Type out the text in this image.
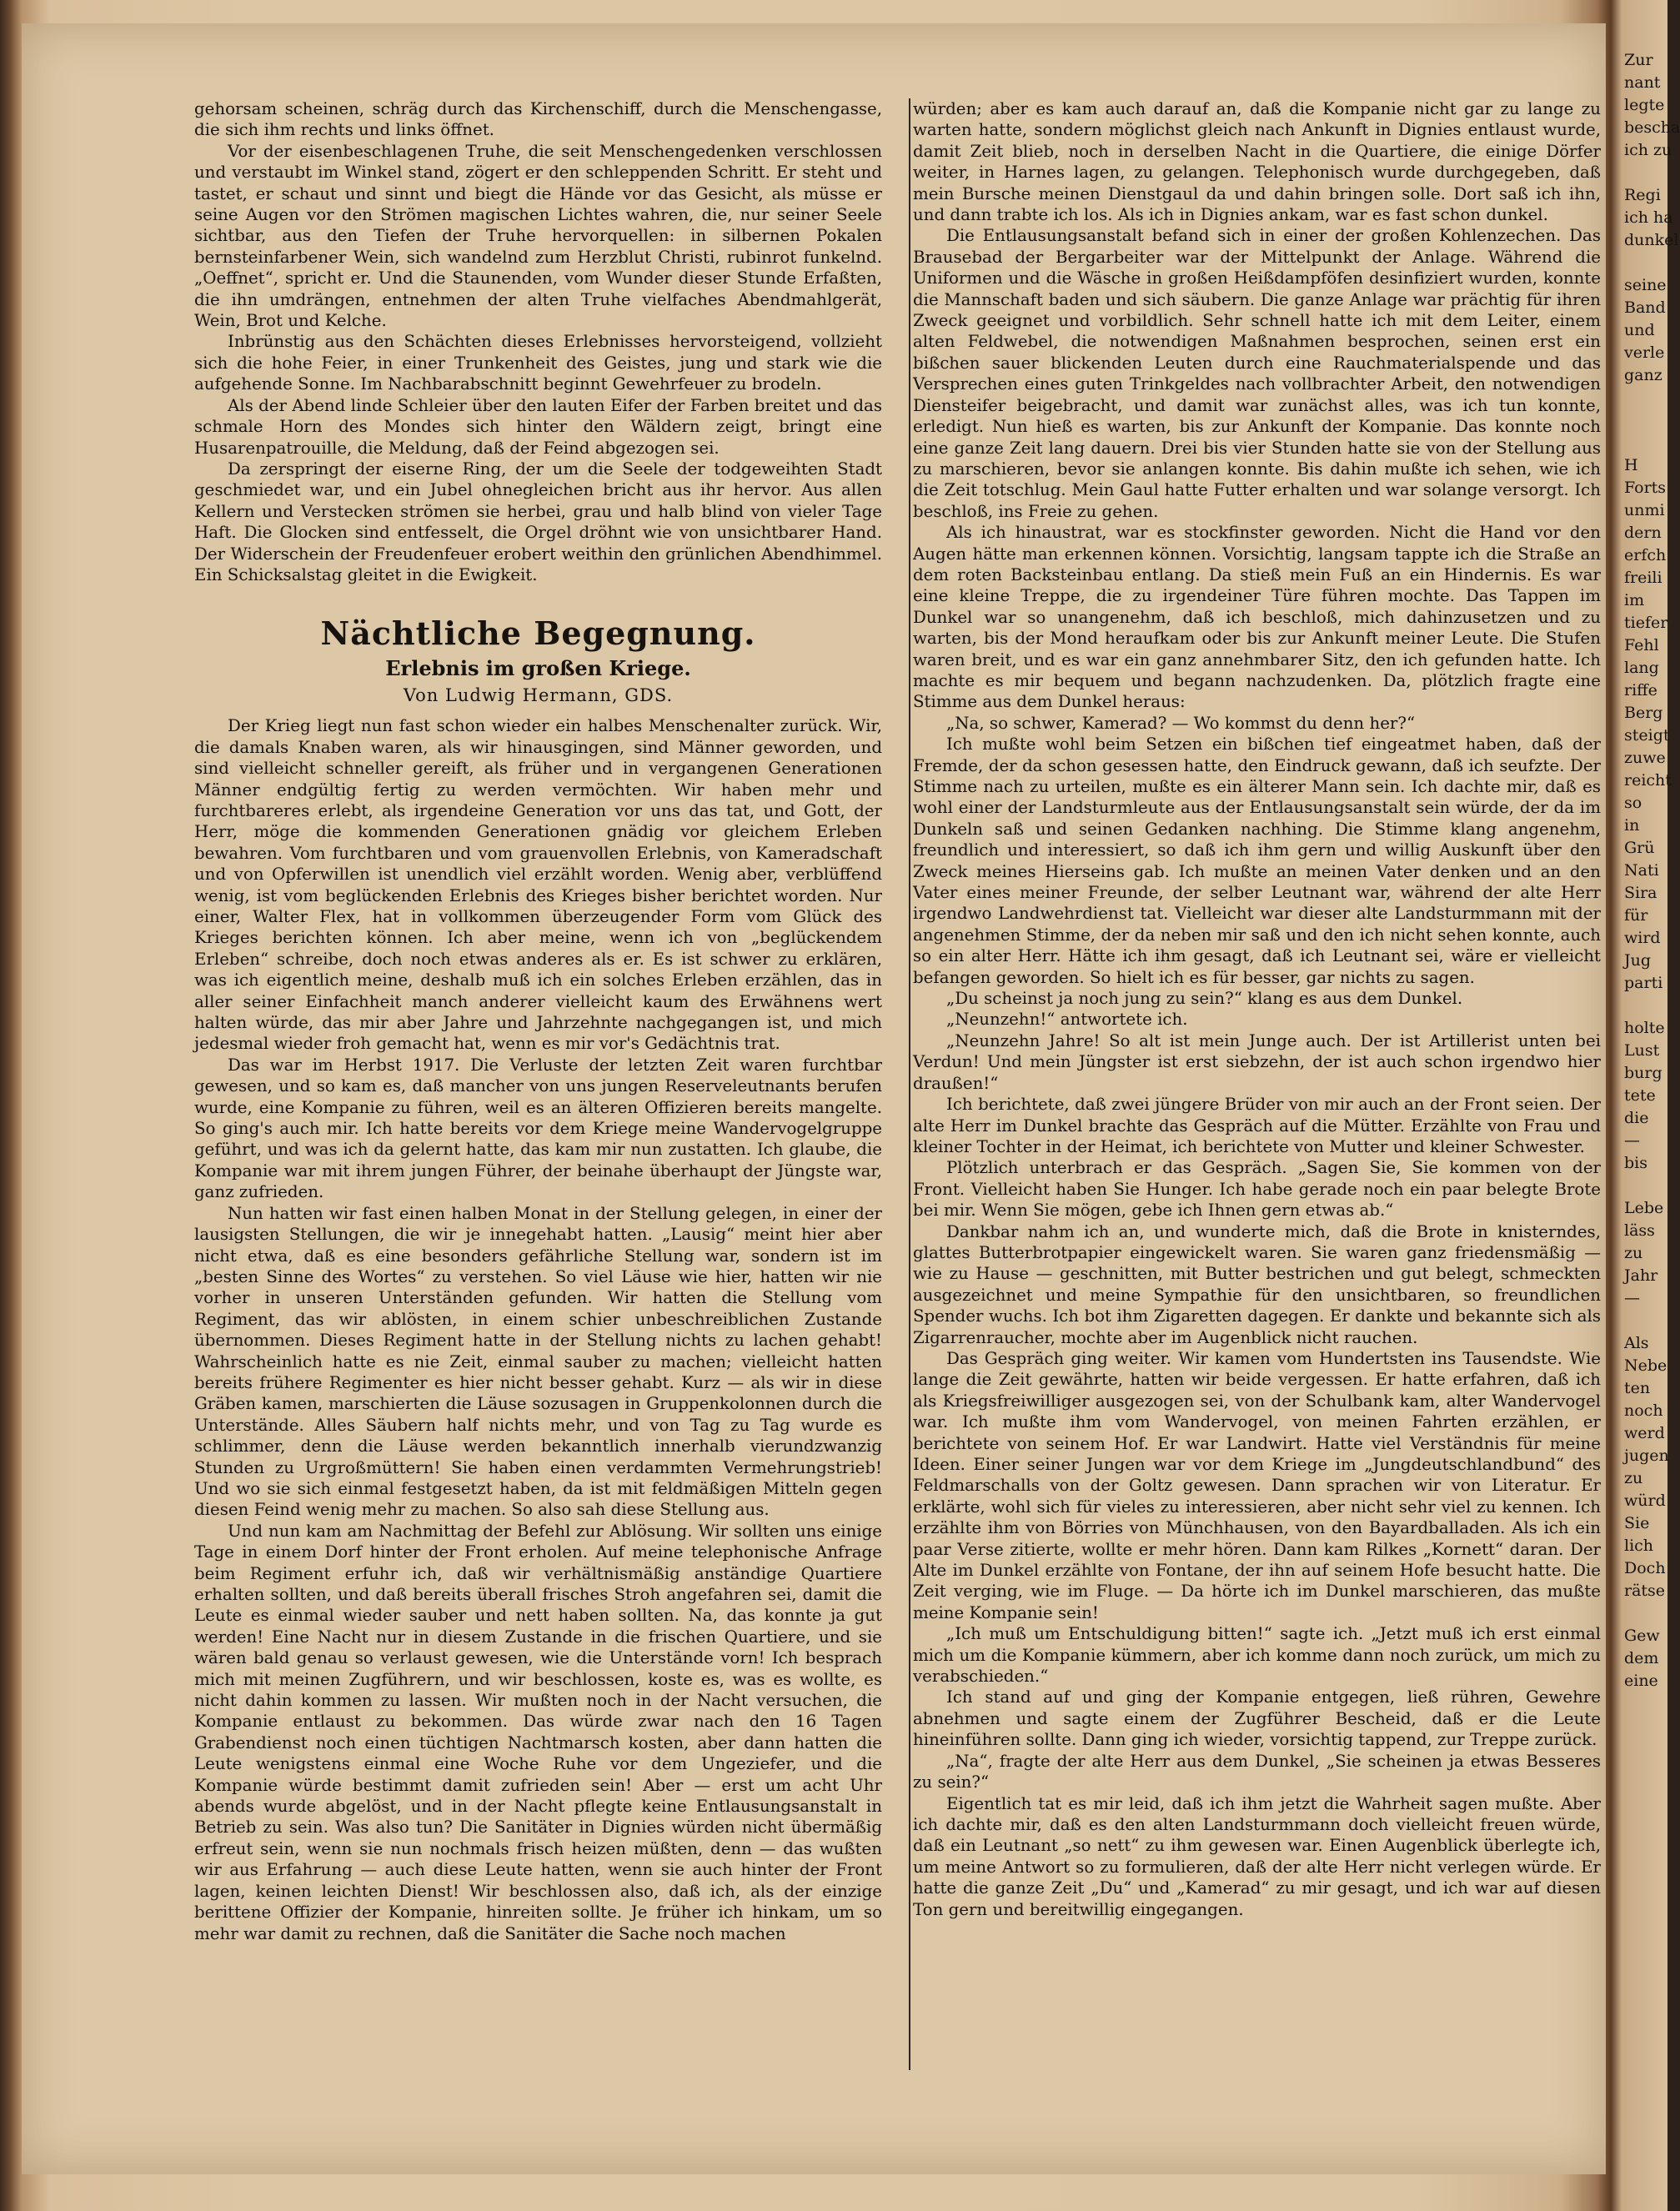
gehorsam scheinen, schräg durch das Kirchenschiff, durch die Menschengasse, die sich ihm rechts und links öffnet.

Vor der eisenbeschlagenen Truhe, die seit Menschengedenken verschlossen und verstaubt im Winkel stand, zögert er den schleppenden Schritt. Er steht und tastet, er schaut und sinnt und biegt die Hände vor das Gesicht, als müsse er seine Augen vor den Strömen magischen Lichtes wahren, die, nur seiner Seele sichtbar, aus den Tiefen der Truhe hervorquellen: in silbernen Pokalen bernsteinfarbener Wein, sich wandelnd zum Herzblut Christi, rubinrot funkelnd. „Oeffnet“, spricht er. Und die Staunenden, vom Wunder dieser Stunde Erfaßten, die ihn umdrängen, entnehmen der alten Truhe vielfaches Abendmahlgerät, Wein, Brot und Kelche.

Inbrünstig aus den Schächten dieses Erlebnisses hervorsteigend, vollzieht sich die hohe Feier, in einer Trunkenheit des Geistes, jung und stark wie die aufgehende Sonne. Im Nachbarabschnitt beginnt Gewehrfeuer zu brodeln.

Als der Abend linde Schleier über den lauten Eifer der Farben breitet und das schmale Horn des Mondes sich hinter den Wäldern zeigt, bringt eine Husarenpatrouille, die Meldung, daß der Feind abgezogen sei.

Da zerspringt der eiserne Ring, der um die Seele der todgeweihten Stadt geschmiedet war, und ein Jubel ohnegleichen bricht aus ihr hervor. Aus allen Kellern und Verstecken strömen sie herbei, grau und halb blind von vieler Tage Haft. Die Glocken sind entfesselt, die Orgel dröhnt wie von unsichtbarer Hand. Der Widerschein der Freudenfeuer erobert weithin den grünlichen Abendhimmel. Ein Schicksalstag gleitet in die Ewigkeit.

Nächtliche Begegnung.
Erlebnis im großen Kriege.
Von Ludwig Hermann, GDS.

Der Krieg liegt nun fast schon wieder ein halbes Menschenalter zurück. Wir, die damals Knaben waren, als wir hinausgingen, sind Männer geworden, und sind vielleicht schneller gereift, als früher und in vergangenen Generationen Männer endgültig fertig zu werden vermöchten. Wir haben mehr und furchtbareres erlebt, als irgendeine Generation vor uns das tat, und Gott, der Herr, möge die kommenden Generationen gnädig vor gleichem Erleben bewahren. Vom furchtbaren und vom grauenvollen Erlebnis, von Kameradschaft und von Opferwillen ist unendlich viel erzählt worden. Wenig aber, verblüffend wenig, ist vom beglückenden Erlebnis des Krieges bisher berichtet worden. Nur einer, Walter Flex, hat in vollkommen überzeugender Form vom Glück des Krieges berichten können. Ich aber meine, wenn ich von „beglückendem Erleben“ schreibe, doch noch etwas anderes als er. Es ist schwer zu erklären, was ich eigentlich meine, deshalb muß ich ein solches Erleben erzählen, das in aller seiner Einfachheit manch anderer vielleicht kaum des Erwähnens wert halten würde, das mir aber Jahre und Jahrzehnte nachgegangen ist, und mich jedesmal wieder froh gemacht hat, wenn es mir vor's Gedächtnis trat.

Das war im Herbst 1917. Die Verluste der letzten Zeit waren furchtbar gewesen, und so kam es, daß mancher von uns jungen Reserveleutnants berufen wurde, eine Kompanie zu führen, weil es an älteren Offizieren bereits mangelte. So ging's auch mir. Ich hatte bereits vor dem Kriege meine Wandervogelgruppe geführt, und was ich da gelernt hatte, das kam mir nun zustatten. Ich glaube, die Kompanie war mit ihrem jungen Führer, der beinahe überhaupt der Jüngste war, ganz zufrieden.

Nun hatten wir fast einen halben Monat in der Stellung gelegen, in einer der lausigsten Stellungen, die wir je innegehabt hatten. „Lausig“ meint hier aber nicht etwa, daß es eine besonders gefährliche Stellung war, sondern ist im „besten Sinne des Wortes“ zu verstehen. So viel Läuse wie hier, hatten wir nie vorher in unseren Unterständen gefunden. Wir hatten die Stellung vom Regiment, das wir ablösten, in einem schier unbeschreiblichen Zustande übernommen. Dieses Regiment hatte in der Stellung nichts zu lachen gehabt! Wahrscheinlich hatte es nie Zeit, einmal sauber zu machen; vielleicht hatten bereits frühere Regimenter es hier nicht besser gehabt. Kurz — als wir in diese Gräben kamen, marschierten die Läuse sozusagen in Gruppenkolonnen durch die Unterstände. Alles Säubern half nichts mehr, und von Tag zu Tag wurde es schlimmer, denn die Läuse werden bekanntlich innerhalb vierundzwanzig Stunden zu Urgroßmüttern! Sie haben einen verdammten Vermehrungstrieb! Und wo sie sich einmal festgesetzt haben, da ist mit feldmäßigen Mitteln gegen diesen Feind wenig mehr zu machen. So also sah diese Stellung aus.

Und nun kam am Nachmittag der Befehl zur Ablösung. Wir sollten uns einige Tage in einem Dorf hinter der Front erholen. Auf meine telephonische Anfrage beim Regiment erfuhr ich, daß wir verhältnismäßig anständige Quartiere erhalten sollten, und daß bereits überall frisches Stroh angefahren sei, damit die Leute es einmal wieder sauber und nett haben sollten. Na, das konnte ja gut werden! Eine Nacht nur in diesem Zustande in die frischen Quartiere, und sie wären bald genau so verlaust gewesen, wie die Unterstände vorn! Ich besprach mich mit meinen Zugführern, und wir beschlossen, koste es, was es wollte, es nicht dahin kommen zu lassen. Wir mußten noch in der Nacht versuchen, die Kompanie entlaust zu bekommen. Das würde zwar nach den 16 Tagen Grabendienst noch einen tüchtigen Nachtmarsch kosten, aber dann hatten die Leute wenigstens einmal eine Woche Ruhe vor dem Ungeziefer, und die Kompanie würde bestimmt damit zufrieden sein! Aber — erst um acht Uhr abends wurde abgelöst, und in der Nacht pflegte keine Entlausungsanstalt in Betrieb zu sein. Was also tun? Die Sanitäter in Dignies würden nicht übermäßig erfreut sein, wenn sie nun nochmals frisch heizen müßten, denn — das wußten wir aus Erfahrung — auch diese Leute hatten, wenn sie auch hinter der Front lagen, keinen leichten Dienst! Wir beschlossen also, daß ich, als der einzige berittene Offizier der Kompanie, hinreiten sollte. Je früher ich hinkam, um so mehr war damit zu rechnen, daß die Sanitäter die Sache noch machen

würden; aber es kam auch darauf an, daß die Kompanie nicht gar zu lange zu warten hatte, sondern möglichst gleich nach Ankunft in Dignies entlaust wurde, damit Zeit blieb, noch in derselben Nacht in die Quartiere, die einige Dörfer weiter, in Harnes lagen, zu gelangen. Telephonisch wurde durchgegeben, daß mein Bursche meinen Dienstgaul da und dahin bringen solle. Dort saß ich ihn, und dann trabte ich los. Als ich in Dignies ankam, war es fast schon dunkel.

Die Entlausungsanstalt befand sich in einer der großen Kohlenzechen. Das Brausebad der Bergarbeiter war der Mittelpunkt der Anlage. Während die Uniformen und die Wäsche in großen Heißdampföfen desinfiziert wurden, konnte die Mannschaft baden und sich säubern. Die ganze Anlage war prächtig für ihren Zweck geeignet und vorbildlich. Sehr schnell hatte ich mit dem Leiter, einem alten Feldwebel, die notwendigen Maßnahmen besprochen, seinen erst ein bißchen sauer blickenden Leuten durch eine Rauchmaterialspende und das Versprechen eines guten Trinkgeldes nach vollbrachter Arbeit, den notwendigen Diensteifer beigebracht, und damit war zunächst alles, was ich tun konnte, erledigt. Nun hieß es warten, bis zur Ankunft der Kompanie. Das konnte noch eine ganze Zeit lang dauern. Drei bis vier Stunden hatte sie von der Stellung aus zu marschieren, bevor sie anlangen konnte. Bis dahin mußte ich sehen, wie ich die Zeit totschlug. Mein Gaul hatte Futter erhalten und war solange versorgt. Ich beschloß, ins Freie zu gehen.

Als ich hinaustrat, war es stockfinster geworden. Nicht die Hand vor den Augen hätte man erkennen können. Vorsichtig, langsam tappte ich die Straße an dem roten Backsteinbau entlang. Da stieß mein Fuß an ein Hindernis. Es war eine kleine Treppe, die zu irgendeiner Türe führen mochte. Das Tappen im Dunkel war so unangenehm, daß ich beschloß, mich dahinzusetzen und zu warten, bis der Mond heraufkam oder bis zur Ankunft meiner Leute. Die Stufen waren breit, und es war ein ganz annehmbarer Sitz, den ich gefunden hatte. Ich machte es mir bequem und begann nachzudenken. Da, plötzlich fragte eine Stimme aus dem Dunkel heraus:

„Na, so schwer, Kamerad? — Wo kommst du denn her?“

Ich mußte wohl beim Setzen ein bißchen tief eingeatmet haben, daß der Fremde, der da schon gesessen hatte, den Eindruck gewann, daß ich seufzte. Der Stimme nach zu urteilen, mußte es ein älterer Mann sein. Ich dachte mir, daß es wohl einer der Landsturmleute aus der Entlausungsanstalt sein würde, der da im Dunkeln saß und seinen Gedanken nachhing. Die Stimme klang angenehm, freundlich und interessiert, so daß ich ihm gern und willig Auskunft über den Zweck meines Hierseins gab. Ich mußte an meinen Vater denken und an den Vater eines meiner Freunde, der selber Leutnant war, während der alte Herr irgendwo Landwehrdienst tat. Vielleicht war dieser alte Landsturmmann mit der angenehmen Stimme, der da neben mir saß und den ich nicht sehen konnte, auch so ein alter Herr. Hätte ich ihm gesagt, daß ich Leutnant sei, wäre er vielleicht befangen geworden. So hielt ich es für besser, gar nichts zu sagen.

„Du scheinst ja noch jung zu sein?“ klang es aus dem Dunkel.

„Neunzehn!“ antwortete ich.

„Neunzehn Jahre! So alt ist mein Junge auch. Der ist Artillerist unten bei Verdun! Und mein Jüngster ist erst siebzehn, der ist auch schon irgendwo hier draußen!“

Ich berichtete, daß zwei jüngere Brüder von mir auch an der Front seien. Der alte Herr im Dunkel brachte das Gespräch auf die Mütter. Erzählte von Frau und kleiner Tochter in der Heimat, ich berichtete von Mutter und kleiner Schwester.

Plötzlich unterbrach er das Gespräch. „Sagen Sie, Sie kommen von der Front. Vielleicht haben Sie Hunger. Ich habe gerade noch ein paar belegte Brote bei mir. Wenn Sie mögen, gebe ich Ihnen gern etwas ab.“

Dankbar nahm ich an, und wunderte mich, daß die Brote in knisterndes, glattes Butterbrotpapier eingewickelt waren. Sie waren ganz friedensmäßig — wie zu Hause — geschnitten, mit Butter bestrichen und gut belegt, schmeckten ausgezeichnet und meine Sympathie für den unsichtbaren, so freundlichen Spender wuchs. Ich bot ihm Zigaretten dagegen. Er dankte und bekannte sich als Zigarrenraucher, mochte aber im Augenblick nicht rauchen.

Das Gespräch ging weiter. Wir kamen vom Hundertsten ins Tausendste. Wie lange die Zeit gewährte, hatten wir beide vergessen. Er hatte erfahren, daß ich als Kriegsfreiwilliger ausgezogen sei, von der Schulbank kam, alter Wandervogel war. Ich mußte ihm vom Wandervogel, von meinen Fahrten erzählen, er berichtete von seinem Hof. Er war Landwirt. Hatte viel Verständnis für meine Ideen. Einer seiner Jungen war vor dem Kriege im „Jungdeutschlandbund“ des Feldmarschalls von der Goltz gewesen. Dann sprachen wir von Literatur. Er erklärte, wohl sich für vieles zu interessieren, aber nicht sehr viel zu kennen. Ich erzählte ihm von Börries von Münchhausen, von den Bayardballaden. Als ich ein paar Verse zitierte, wollte er mehr hören. Dann kam Rilkes „Kornett“ daran. Der Alte im Dunkel erzählte von Fontane, der ihn auf seinem Hofe besucht hatte. Die Zeit verging, wie im Fluge. — Da hörte ich im Dunkel marschieren, das mußte meine Kompanie sein!

„Ich muß um Entschuldigung bitten!“ sagte ich. „Jetzt muß ich erst einmal mich um die Kompanie kümmern, aber ich komme dann noch zurück, um mich zu verabschieden.“

Ich stand auf und ging der Kompanie entgegen, ließ rühren, Gewehre abnehmen und sagte einem der Zugführer Bescheid, daß er die Leute hineinführen sollte. Dann ging ich wieder, vorsichtig tappend, zur Treppe zurück.

„Na“, fragte der alte Herr aus dem Dunkel, „Sie scheinen ja etwas Besseres zu sein?“

Eigentlich tat es mir leid, daß ich ihm jetzt die Wahrheit sagen mußte. Aber ich dachte mir, daß es den alten Landsturmmann doch vielleicht freuen würde, daß ein Leutnant „so nett“ zu ihm gewesen war. Einen Augenblick überlegte ich, um meine Antwort so zu formulieren, daß der alte Herr nicht verlegen würde. Er hatte die ganze Zeit „Du“ und „Kamerad“ zu mir gesagt, und ich war auf diesen Ton gern und bereitwillig eingegangen.

Zur
nant
legte
bescha
ich zu
Regi
ich ha
dunkel
seine
Band
und
verle
ganz
H
Forts
unmi
dern
erfch
freili
im
tiefer
Fehl
lang
riffe
Berg
steigt
zuwe
reicht
so
in
Grü
Nati
Sira
für
wird
Jug
parti
holte
Lust
burg
tete
die
—
bis
Lebe
läss
zu
Jahr
—
Als
Nebe
ten
noch
werd
jugen
zu
würd
Sie
lich
Doch
rätse
Gew
dem
eine
